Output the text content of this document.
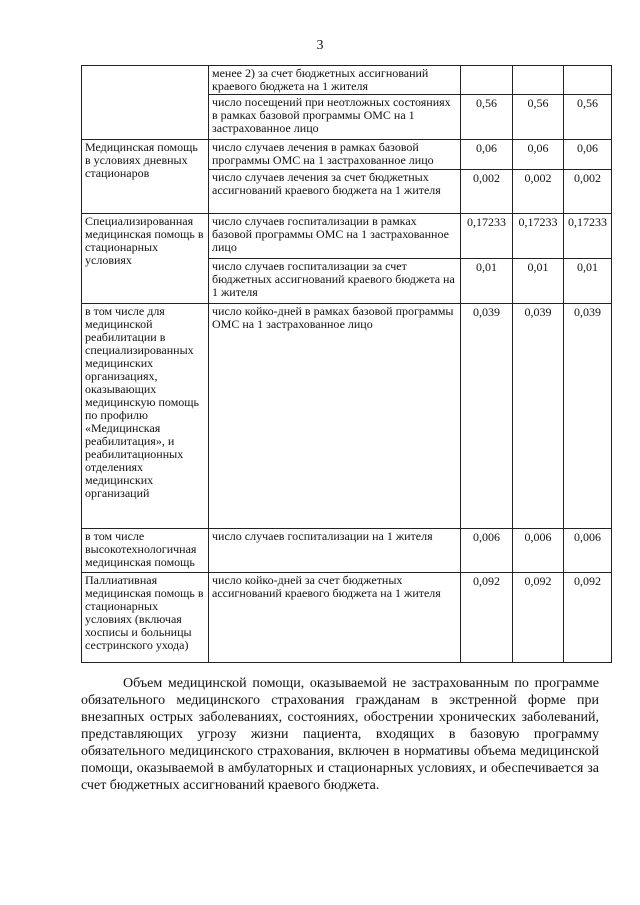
3
	менее 2) за счет бюджетных ассигнований краевого бюджета на 1 жителя			
	число посещений при неотложных состояниях в рамках базовой программы ОМС на 1 застрахованное лицо	0,56	0,56	0,56
Медицинская помощь в условиях дневных стационаров	число случаев лечения в рамках базовой программы ОМС на 1 застрахованное лицо	0,06	0,06	0,06
	число случаев лечения за счет бюджетных ассигнований краевого бюджета на 1 жителя	0,002	0,002	0,002
Специализированная медицинская помощь в стационарных условиях	число случаев госпитализации в рамках базовой программы ОМС на 1 застрахованное лицо	0,17233	0,17233	0,17233
	число случаев госпитализации за счет бюджетных ассигнований краевого бюджета на 1 жителя	0,01	0,01	0,01
в том числе для медицинской реабилитации в специализированных медицинских организациях, оказывающих медицинскую помощь по профилю «Медицинская реабилитация», и реабилитационных отделениях медицинских организаций	число койко-дней в рамках базовой программы ОМС на 1 застрахованное лицо	0,039	0,039	0,039
в том числе высокотехнологичная медицинская помощь	число случаев госпитализации на 1 жителя	0,006	0,006	0,006
Паллиативная медицинская помощь в стационарных условиях (включая хосписы и больницы сестринского ухода)	число койко-дней за счет бюджетных ассигнований краевого бюджета на 1 жителя	0,092	0,092	0,092
Объем медицинской помощи, оказываемой не застрахованным по программе обязательного медицинского страхования гражданам в экстренной форме при внезапных острых заболеваниях, состояниях, обострении хронических заболеваний, представляющих угрозу жизни пациента, входящих в базовую программу обязательного медицинского страхования, включен в нормативы объема медицинской помощи, оказываемой в амбулаторных и стационарных условиях, и обеспечивается за счет бюджетных ассигнований краевого бюджета.
